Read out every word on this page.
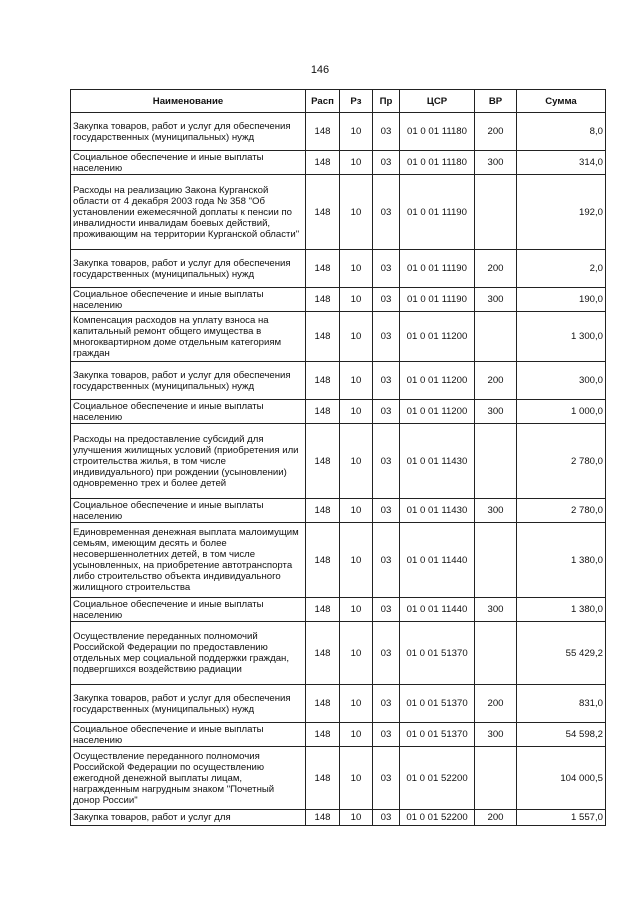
146
Наименование	Расп	Рз	Пр	ЦСР	ВР	Сумма
Закупка товаров, работ и услуг для обеспечения государственных (муниципальных) нужд	148	10	03	01 0 01 11180	200	8,0
Социальное обеспечение и иные выплаты населению	148	10	03	01 0 01 11180	300	314,0
Расходы на реализацию Закона Курганской области от 4 декабря 2003 года № 358 "Об установлении ежемесячной доплаты к пенсии по инвалидности инвалидам боевых действий, проживающим на территории Курганской области"	148	10	03	01 0 01 11190		192,0
Закупка товаров, работ и услуг для обеспечения государственных (муниципальных) нужд	148	10	03	01 0 01 11190	200	2,0
Социальное обеспечение и иные выплаты населению	148	10	03	01 0 01 11190	300	190,0
Компенсация расходов на уплату взноса на капитальный ремонт общего имущества в многоквартирном доме отдельным категориям граждан	148	10	03	01 0 01 11200		1 300,0
Закупка товаров, работ и услуг для обеспечения государственных (муниципальных) нужд	148	10	03	01 0 01 11200	200	300,0
Социальное обеспечение и иные выплаты населению	148	10	03	01 0 01 11200	300	1 000,0
Расходы на предоставление субсидий для улучшения жилищных условий (приобретения или строительства жилья, в том числе индивидуального) при рождении (усыновлении) одновременно трех и более детей	148	10	03	01 0 01 11430		2 780,0
Социальное обеспечение и иные выплаты населению	148	10	03	01 0 01 11430	300	2 780,0
Единовременная денежная выплата малоимущим семьям, имеющим десять и более несовершеннолетних детей, в том числе усыновленных, на приобретение автотранспорта либо строительство объекта индивидуального жилищного строительства	148	10	03	01 0 01 11440		1 380,0
Социальное обеспечение и иные выплаты населению	148	10	03	01 0 01 11440	300	1 380,0
Осуществление переданных полномочий Российской Федерации по предоставлению отдельных мер социальной поддержки граждан, подвергшихся воздействию радиации	148	10	03	01 0 01 51370		55 429,2
Закупка товаров, работ и услуг для обеспечения государственных (муниципальных) нужд	148	10	03	01 0 01 51370	200	831,0
Социальное обеспечение и иные выплаты населению	148	10	03	01 0 01 51370	300	54 598,2
Осуществление переданного полномочия Российской Федерации по осуществлению ежегодной денежной выплаты лицам, награжденным нагрудным знаком "Почетный донор России"	148	10	03	01 0 01 52200		104 000,5
Закупка товаров, работ и услуг для	148	10	03	01 0 01 52200	200	1 557,0
